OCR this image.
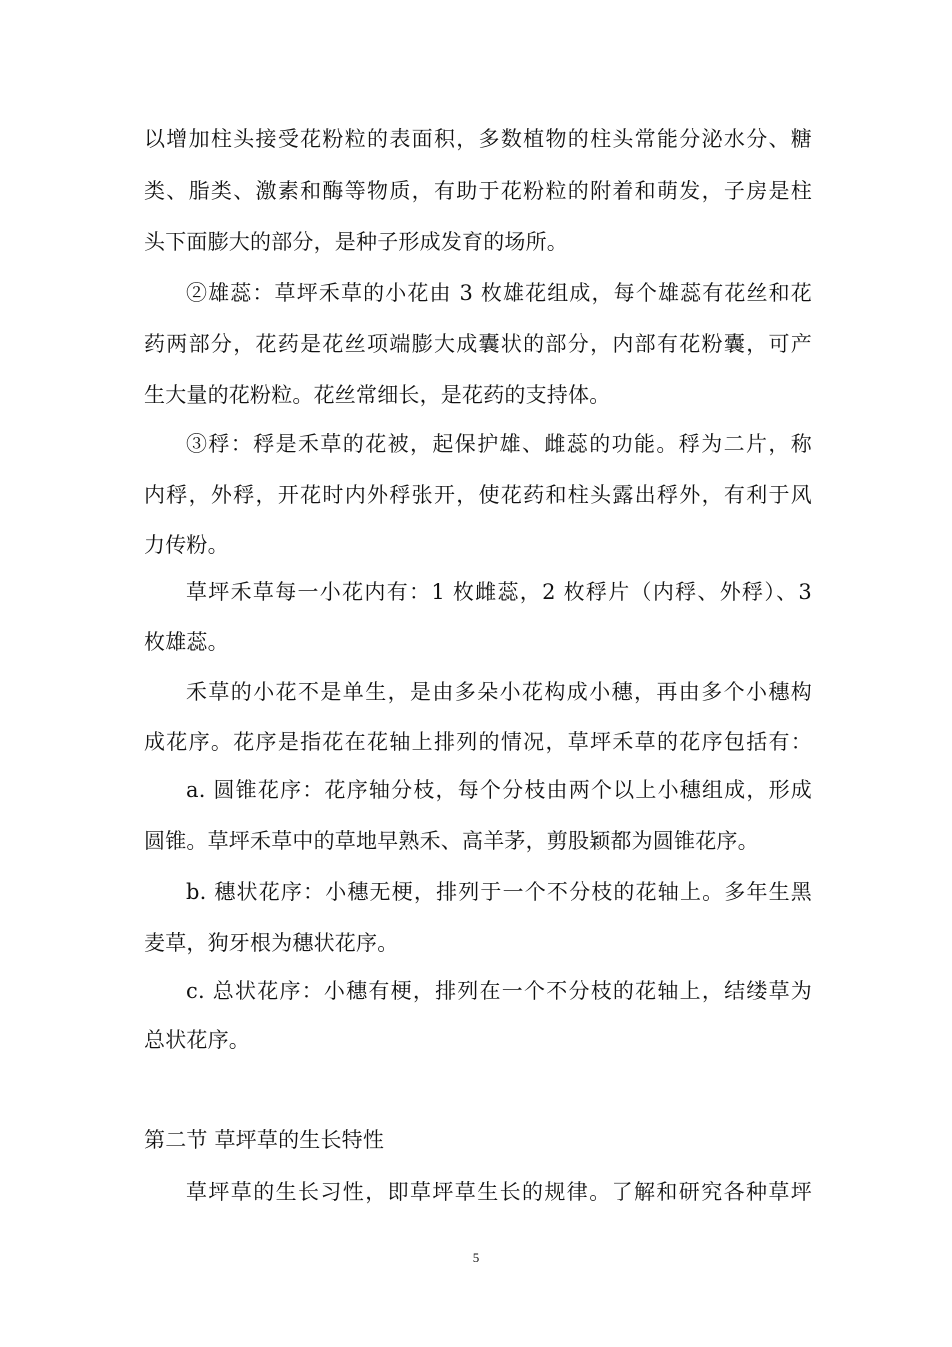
以增加柱头接受花粉粒的表面积，多数植物的柱头常能分泌水分、糖
类、脂类、激素和酶等物质，有助于花粉粒的附着和萌发，子房是柱
头下面膨大的部分，是种子形成发育的场所。
②雄蕊：草坪禾草的小花由 3 枚雄花组成，每个雄蕊有花丝和花
药两部分，花药是花丝项端膨大成囊状的部分，内部有花粉囊，可产
生大量的花粉粒。花丝常细长，是花药的支持体。
③稃：稃是禾草的花被，起保护雄、雌蕊的功能。稃为二片，称
内稃，外稃，开花时内外稃张开，使花药和柱头露出稃外，有利于风
力传粉。
草坪禾草每一小花内有：1 枚雌蕊，2 枚稃片（内稃、外稃）、3
枚雄蕊。
禾草的小花不是单生，是由多朵小花构成小穗，再由多个小穗构
成花序。花序是指花在花轴上排列的情况，草坪禾草的花序包括有：
a. 圆锥花序：花序轴分枝，每个分枝由两个以上小穗组成，形成
圆锥。草坪禾草中的草地早熟禾、高羊茅，剪股颖都为圆锥花序。
b. 穗状花序：小穗无梗，排列于一个不分枝的花轴上。多年生黑
麦草，狗牙根为穗状花序。
c. 总状花序：小穗有梗，排列在一个不分枝的花轴上，结缕草为
总状花序。
第二节 草坪草的生长特性
草坪草的生长习性，即草坪草生长的规律。了解和研究各种草坪
5
